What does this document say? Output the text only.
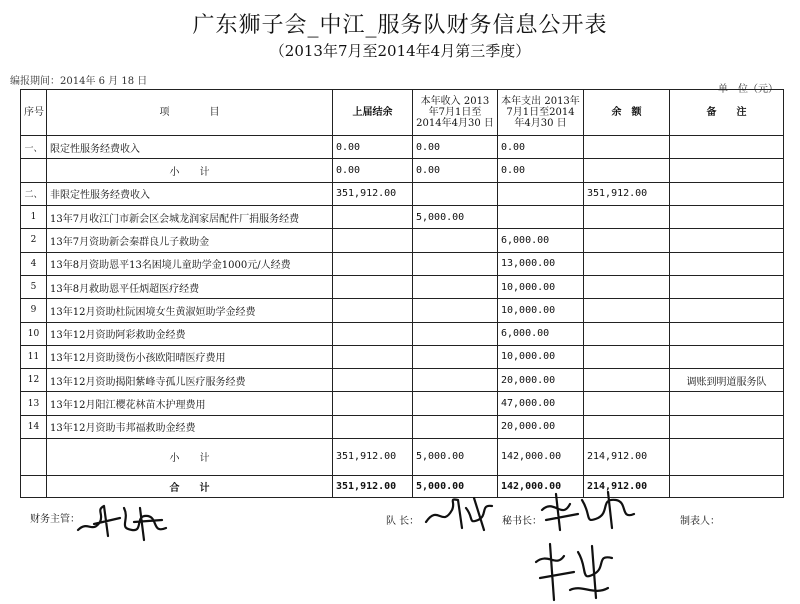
广东狮子会_中江_服务队财务信息公开表
（2013年7月至2014年4月第三季度）
编报期间：2014年 6 月 18 日
单　位（元）
序号	项　　　　目	上届结余	本年收入 2013年7月1日至 2014年4月30 日	本年支出 2013年7月1日至2014 年4月30 日	余　额	备　　注
一、	限定性服务经费收入	0.00	0.00	0.00		
	小　　计	0.00	0.00	0.00		
二、	非限定性服务经费收入	351,912.00			351,912.00	
1	13年7月收江门市新会区会城龙润家居配件厂捐服务经费		5,000.00			
2	13年7月资助新会秦群良儿子救助金			6,000.00		
4	13年8月资助恩平13名困境儿童助学金1000元/人经费			13,000.00		
5	13年8月救助恩平任炳超医疗经费			10,000.00		
9	13年12月资助杜阮困境女生黄淑姮助学金经费			10,000.00		
10	13年12月资助阿彩救助金经费			6,000.00		
11	13年12月资助烫伤小孩欧阳晴医疗费用			10,000.00		
12	13年12月资助揭阳紫峰寺孤儿医疗服务经费			20,000.00		调账到明道服务队
13	13年12月阳江樱花林苗木护理费用			47,000.00		
14	13年12月资助韦邦福救助金经费			20,000.00		
	小　　计	351,912.00	5,000.00	142,000.00	214,912.00	
	合　　计	351,912.00	5,000.00	142,000.00	214,912.00	
财务主管：	队 长：	秘书长：	制表人：
